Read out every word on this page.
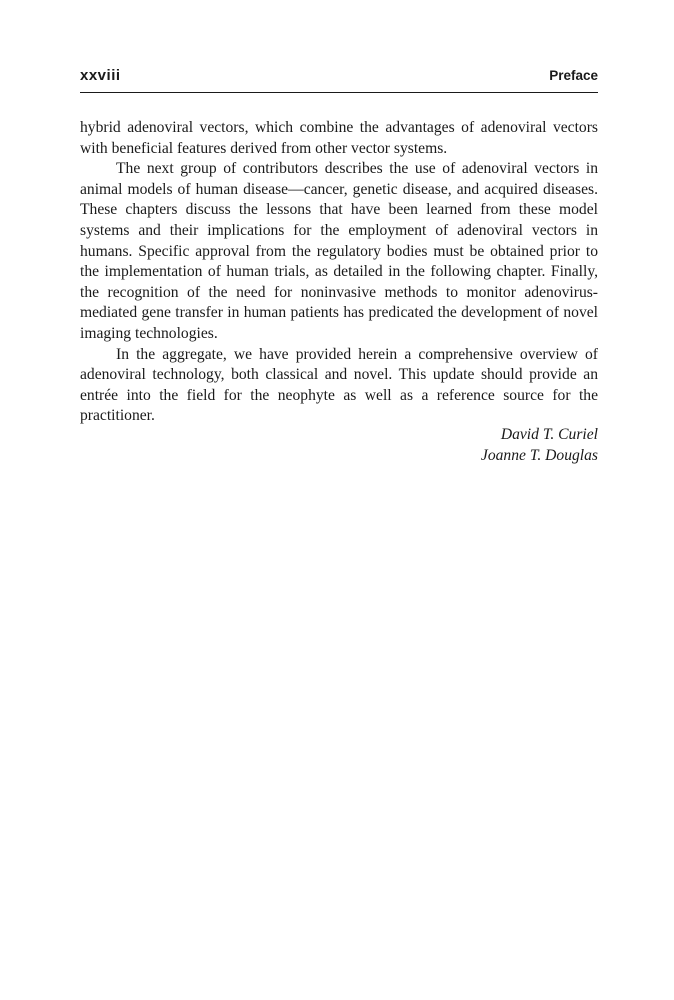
xxviii	Preface

hybrid adenoviral vectors, which combine the advantages of adenoviral vectors with beneficial features derived from other vector systems.

The next group of contributors describes the use of adenoviral vectors in animal models of human disease—cancer, genetic disease, and acquired diseases. These chapters discuss the lessons that have been learned from these model systems and their implications for the employment of adenoviral vectors in humans. Specific approval from the regulatory bodies must be obtained prior to the implementation of human trials, as detailed in the following chapter. Finally, the recognition of the need for noninvasive methods to monitor adenovirus-mediated gene transfer in human patients has predicated the development of novel imaging technologies.

In the aggregate, we have provided herein a comprehensive overview of adenoviral technology, both classical and novel. This update should provide an entrée into the field for the neophyte as well as a reference source for the practitioner.

David T. Curiel
Joanne T. Douglas
